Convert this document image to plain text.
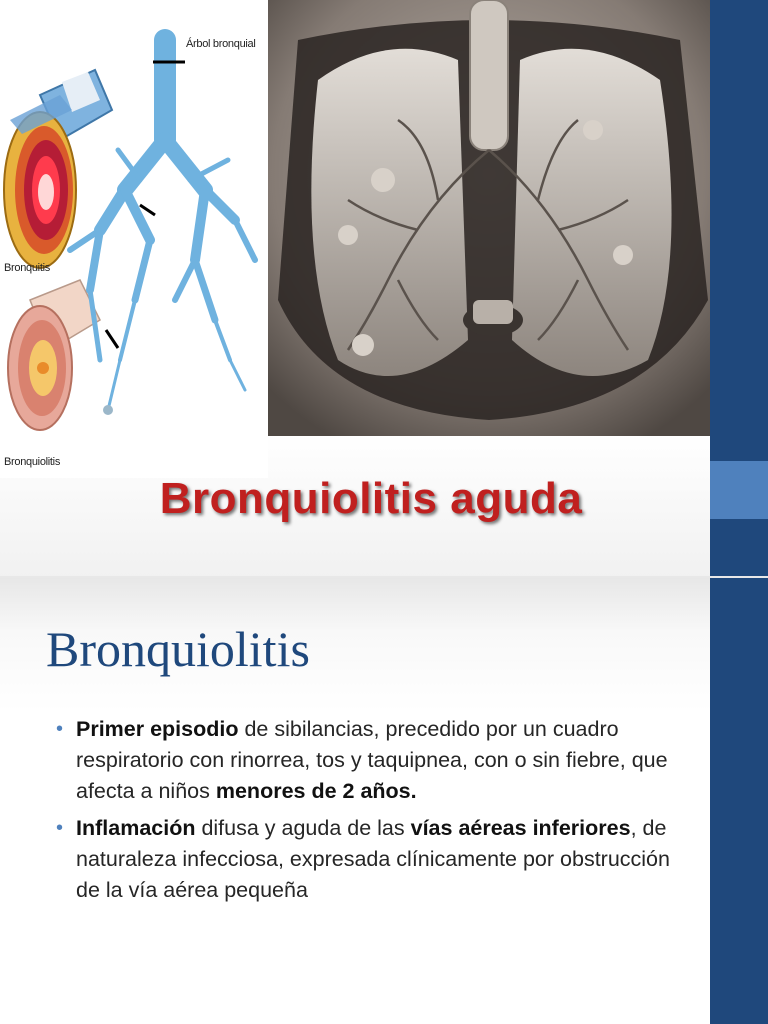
Árbol bronquial
Bronquitis
Bronquiolitis
Bronquiolitis aguda
Bronquiolitis
• Primer episodio de sibilancias, precedido por un cuadro respiratorio con rinorrea, tos y taquipnea, con o sin fiebre, que afecta a niños menores de 2 años.
• Inflamación difusa y aguda de las vías aéreas inferiores, de naturaleza infecciosa, expresada clínicamente por obstrucción de la vía aérea pequeña
